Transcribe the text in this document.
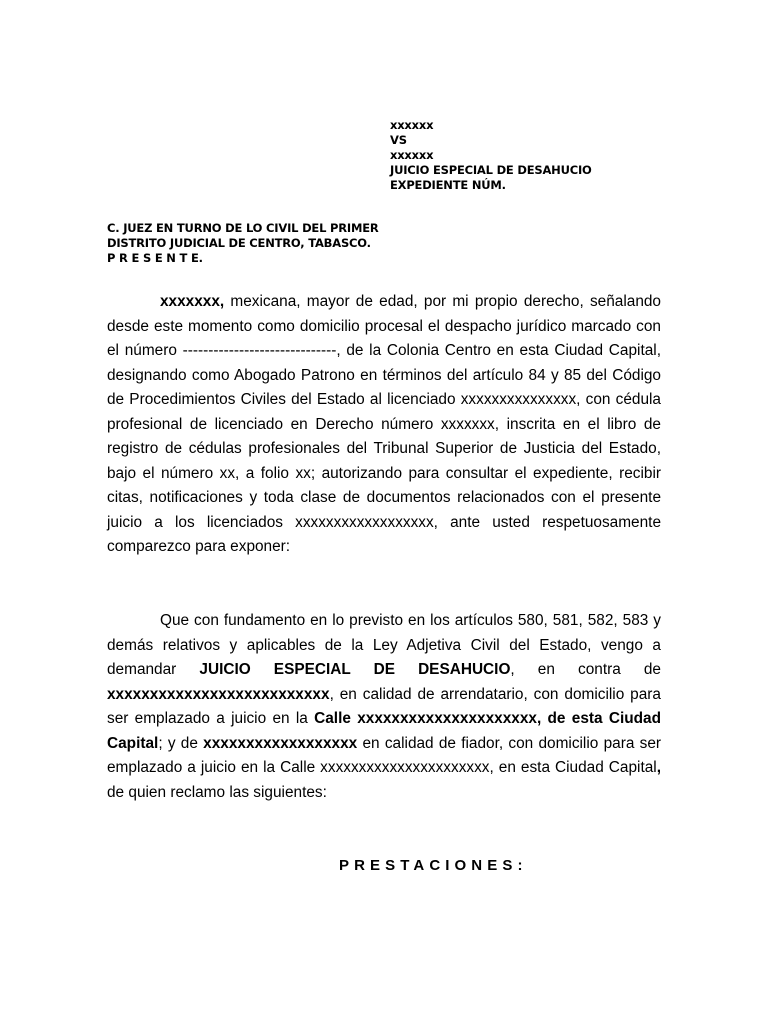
xxxxxx
VS
xxxxxx
JUICIO ESPECIAL DE DESAHUCIO
EXPEDIENTE NÚM.
C. JUEZ EN TURNO DE LO CIVIL DEL PRIMER
DISTRITO JUDICIAL DE CENTRO, TABASCO.
P R E S E N T E.
xxxxxxx, mexicana, mayor de edad, por mi propio derecho, señalando desde este momento como domicilio procesal el despacho jurídico marcado con el número ------------------------------, de la Colonia Centro en esta Ciudad Capital, designando como Abogado Patrono en términos del artículo 84 y 85 del Código de Procedimientos Civiles del Estado al licenciado xxxxxxxxxxxxxxx, con cédula profesional de licenciado en Derecho número xxxxxxx, inscrita en el libro de registro de cédulas profesionales del Tribunal Superior de Justicia del Estado, bajo el número xx, a folio xx; autorizando para consultar el expediente, recibir citas, notificaciones y toda clase de documentos relacionados con el presente juicio a los licenciados xxxxxxxxxxxxxxxxxx, ante usted respetuosamente comparezco para exponer:
Que con fundamento en lo previsto en los artículos 580, 581, 582, 583 y demás relativos y aplicables de la Ley Adjetiva Civil del Estado, vengo a demandar JUICIO ESPECIAL DE DESAHUCIO, en contra de xxxxxxxxxxxxxxxxxxxxxxxxxx, en calidad de arrendatario, con domicilio para ser emplazado a juicio en la Calle xxxxxxxxxxxxxxxxxxxxx, de esta Ciudad Capital; y de xxxxxxxxxxxxxxxxxx en calidad de fiador, con domicilio para ser emplazado a juicio en la Calle xxxxxxxxxxxxxxxxxxxxxx, en esta Ciudad Capital, de quien reclamo las siguientes:
PRESTACIONES:
